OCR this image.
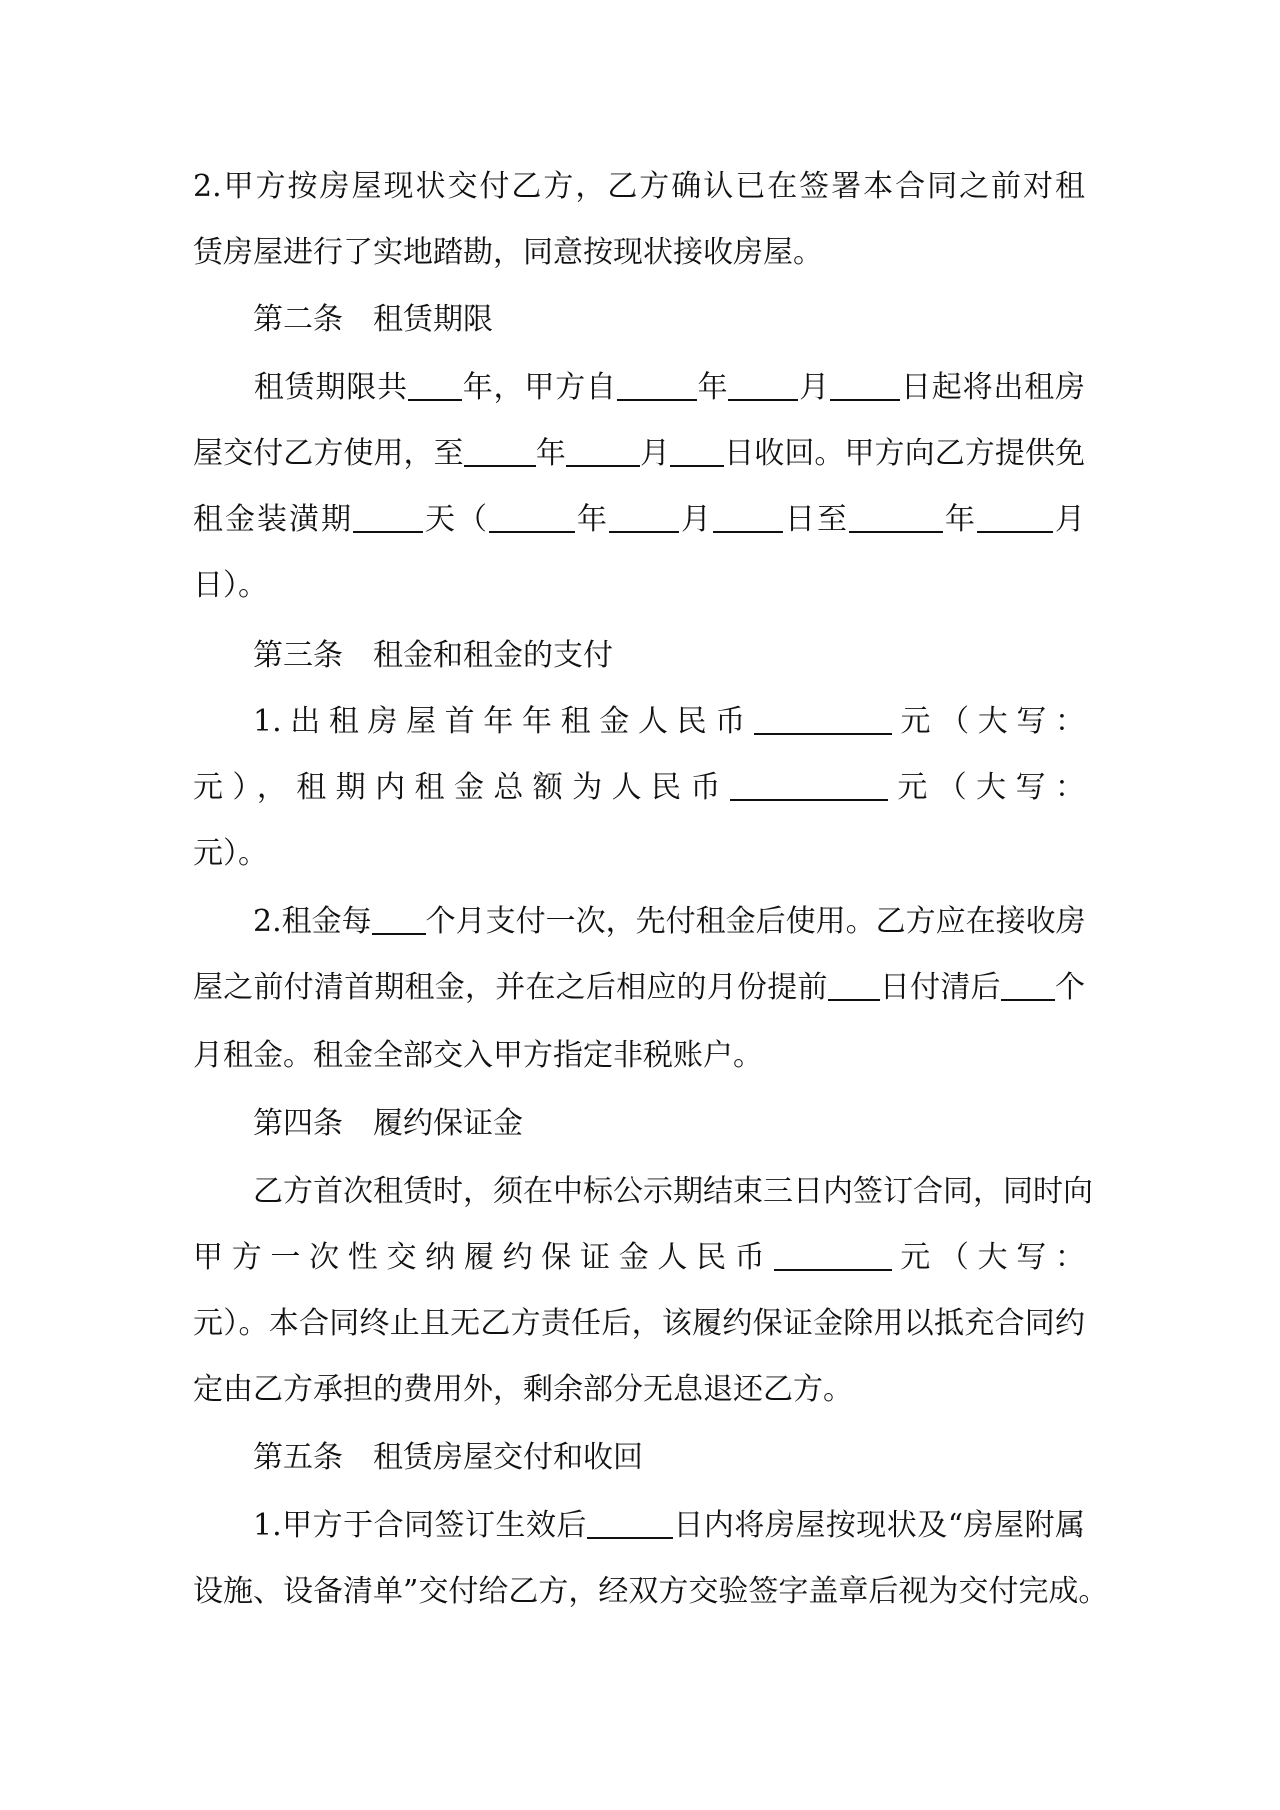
2.甲方按房屋现状交付乙方，乙方确认已在签署本合同之前对租
赁房屋进行了实地踏勘，同意按现状接收房屋。
第二条 租赁期限
租赁期限共 年，甲方自	年 月 日起将出租房
屋交付乙方使用，至 年 月 日收回。甲方向乙方提供免
租金装潢期 天（	年 月 日至	年	月
日）。
第三条 租金和租金的支付
1.出租房屋首年年租金人民币	元（大写：
元），租期内租金总额为人民币	元（大写：
元）。
2.租金每 个月支付一次，先付租金后使用。乙方应在接收房
屋之前付清首期租金，并在之后相应的月份提前 日付清后 个
月租金。租金全部交入甲方指定非税账户。
第四条 履约保证金
乙方首次租赁时，须在中标公示期结束三日内签订合同，同时向
甲方一次性交纳履约保证金人民币	元（大写：
元）。本合同终止且无乙方责任后，该履约保证金除用以抵充合同约
定由乙方承担的费用外，剩余部分无息退还乙方。
第五条 租赁房屋交付和收回
1.甲方于合同签订生效后	日内将房屋按现状及“房屋附属
设施、设备清单”交付给乙方，经双方交验签字盖章后视为交付完成。
